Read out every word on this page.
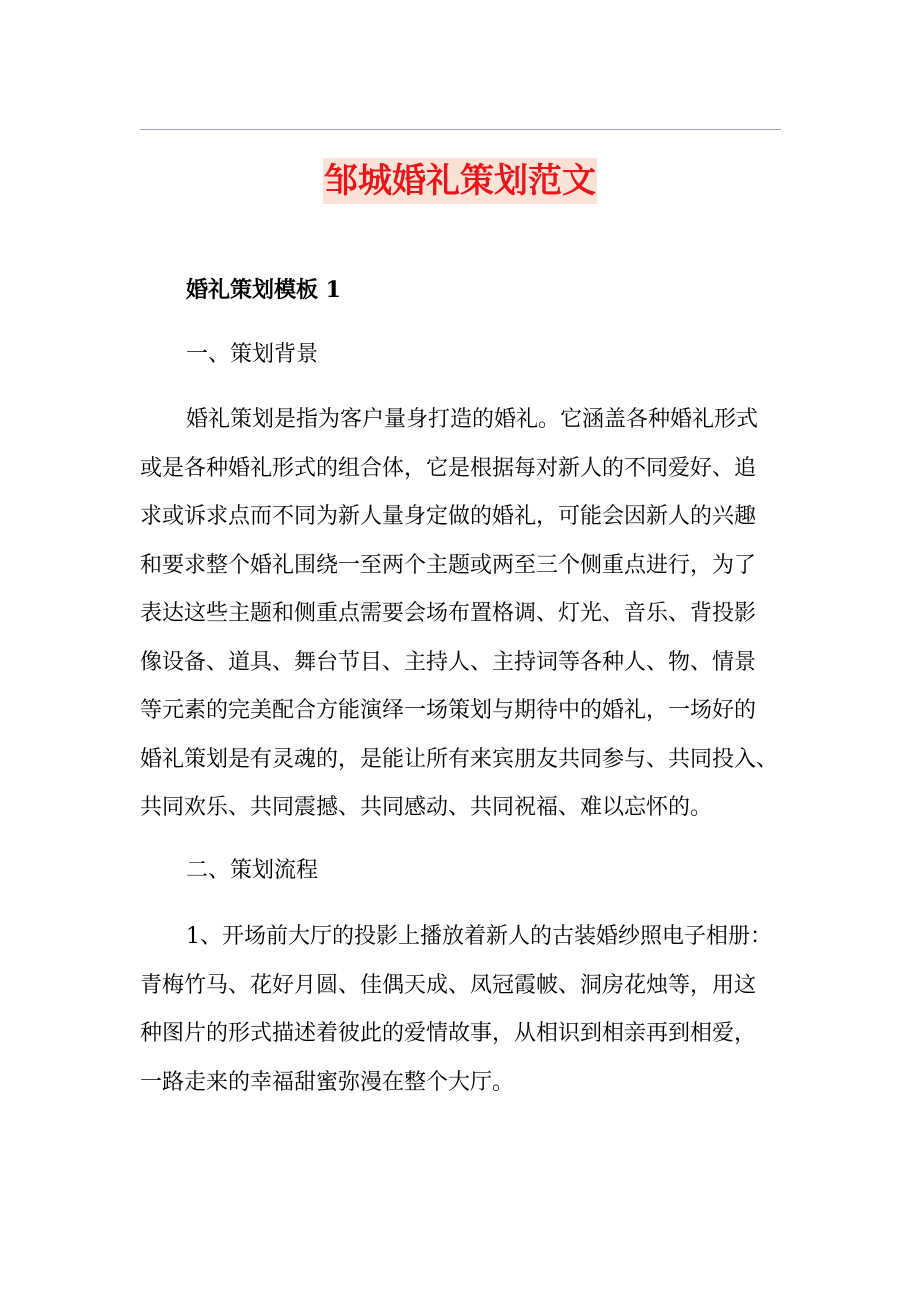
邹城婚礼策划范文
婚礼策划模板 1
一、策划背景
婚礼策划是指为客户量身打造的婚礼。它涵盖各种婚礼形式
或是各种婚礼形式的组合体，它是根据每对新人的不同爱好、追
求或诉求点而不同为新人量身定做的婚礼，可能会因新人的兴趣
和要求整个婚礼围绕一至两个主题或两至三个侧重点进行，为了
表达这些主题和侧重点需要会场布置格调、灯光、音乐、背投影
像设备、道具、舞台节目、主持人、主持词等各种人、物、情景
等元素的完美配合方能演绎一场策划与期待中的婚礼，一场好的
婚礼策划是有灵魂的，是能让所有来宾朋友共同参与、共同投入、
共同欢乐、共同震撼、共同感动、共同祝福、难以忘怀的。
二、策划流程
1、开场前大厅的投影上播放着新人的古装婚纱照电子相册：
青梅竹马、花好月圆、佳偶天成、凤冠霞帔、洞房花烛等，用这
种图片的形式描述着彼此的爱情故事，从相识到相亲再到相爱，
一路走来的幸福甜蜜弥漫在整个大厅。
